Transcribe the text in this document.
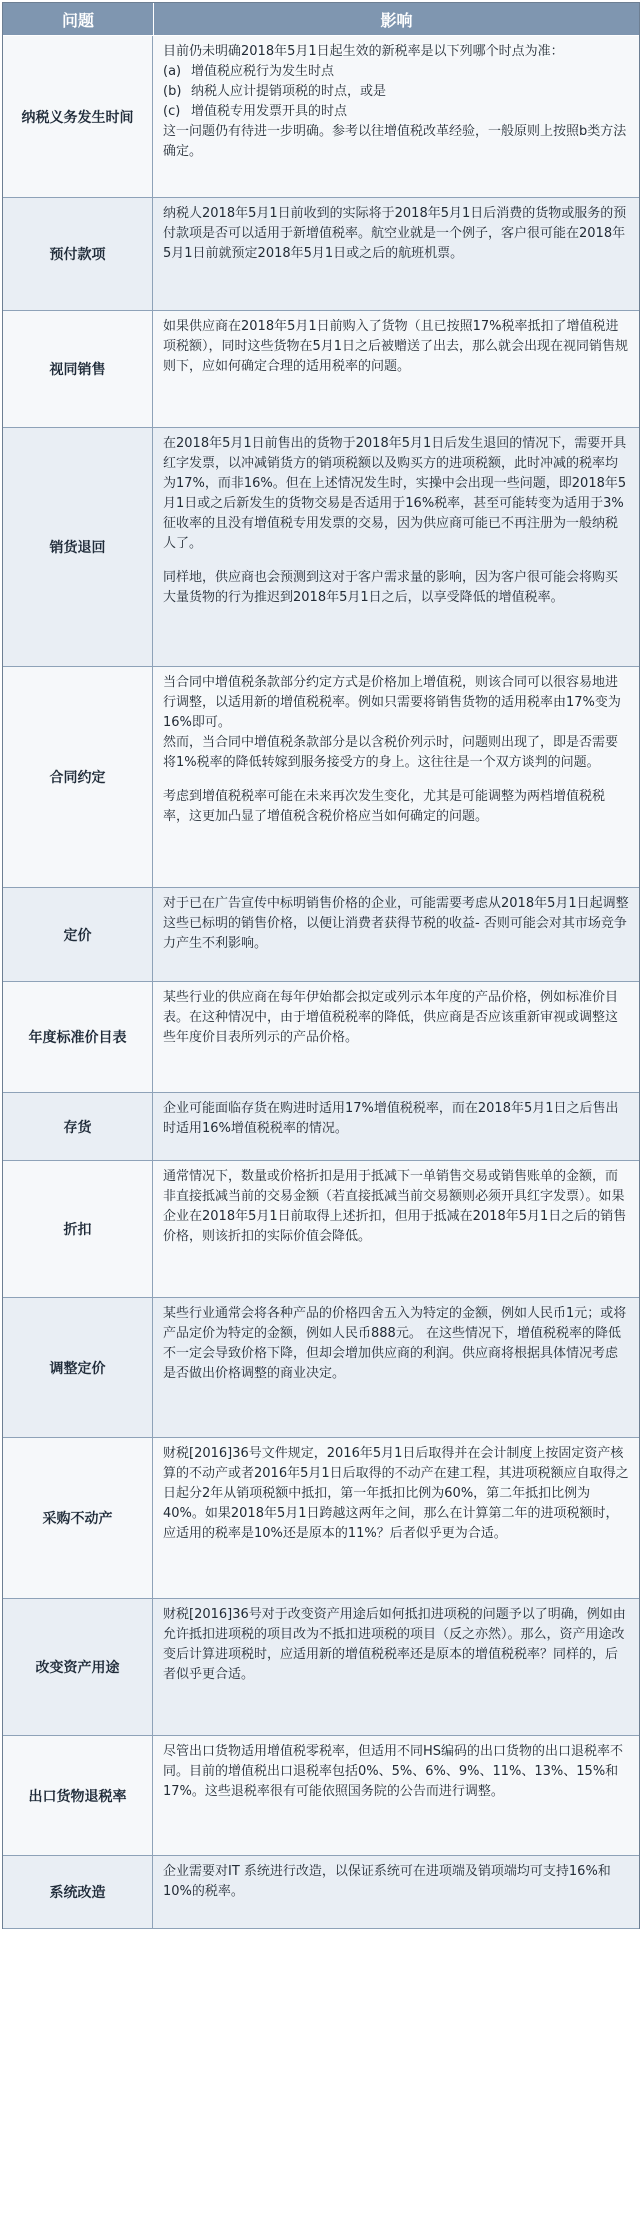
问题	影响
纳税义务发生时间

目前仍未明确2018年5月1日起生效的新税率是以下列哪个时点为准：

(a) 增值税应税行为发生时点
(b) 纳税人应计提销项税的时点，或是
(c) 增值税专用发票开具的时点

这一问题仍有待进一步明确。参考以往增值税改革经验，一般原则上按照b类方法确定。

预付款项

纳税人2018年5月1日前收到的实际将于2018年5月1日后消费的货物或服务的预付款项是否可以适用于新增值税率。航空业就是一个例子，客户很可能在2018年5月1日前就预定2018年5月1日或之后的航班机票。

视同销售

如果供应商在2018年5月1日前购入了货物（且已按照17%税率抵扣了增值税进项税额），同时这些货物在5月1日之后被赠送了出去，那么就会出现在视同销售规则下，应如何确定合理的适用税率的问题。

销货退回

在2018年5月1日前售出的货物于2018年5月1日后发生退回的情况下，需要开具红字发票，以冲减销货方的销项税额以及购买方的进项税额，此时冲减的税率均为17%，而非16%。但在上述情况发生时，实操中会出现一些问题，即2018年5月1日或之后新发生的货物交易是否适用于16%税率，甚至可能转变为适用于3%征收率的且没有增值税专用发票的交易，因为供应商可能已不再注册为一般纳税人了。

同样地，供应商也会预测到这对于客户需求量的影响，因为客户很可能会将购买大量货物的行为推迟到2018年5月1日之后，以享受降低的增值税率。

合同约定

当合同中增值税条款部分约定方式是价格加上增值税，则该合同可以很容易地进行调整，以适用新的增值税税率。例如只需要将销售货物的适用税率由17%变为16%即可。

然而，当合同中增值税条款部分是以含税价列示时，问题则出现了，即是否需要将1%税率的降低转嫁到服务接受方的身上。这往往是一个双方谈判的问题。

考虑到增值税税率可能在未来再次发生变化，尤其是可能调整为两档增值税税率，这更加凸显了增值税含税价格应当如何确定的问题。

定价

对于已在广告宣传中标明销售价格的企业，可能需要考虑从2018年5月1日起调整这些已标明的销售价格，以便让消费者获得节税的收益- 否则可能会对其市场竞争力产生不利影响。

年度标准价目表

某些行业的供应商在每年伊始都会拟定或列示本年度的产品价格，例如标准价目表。在这种情况中，由于增值税税率的降低，供应商是否应该重新审视或调整这些年度价目表所列示的产品价格。

存货

企业可能面临存货在购进时适用17%增值税税率，而在2018年5月1日之后售出时适用16%增值税税率的情况。

折扣

通常情况下，数量或价格折扣是用于抵减下一单销售交易或销售账单的金额，而非直接抵减当前的交易金额（若直接抵减当前交易额则必须开具红字发票）。如果企业在2018年5月1日前取得上述折扣，但用于抵减在2018年5月1日之后的销售价格，则该折扣的实际价值会降低。

调整定价

某些行业通常会将各种产品的价格四舍五入为特定的金额，例如人民币1元；或将产品定价为特定的金额，例如人民币888元。 在这些情况下，增值税税率的降低不一定会导致价格下降，但却会增加供应商的利润。供应商将根据具体情况考虑是否做出价格调整的商业决定。

采购不动产

财税[2016]36号文件规定，2016年5月1日后取得并在会计制度上按固定资产核算的不动产或者2016年5月1日后取得的不动产在建工程，其进项税额应自取得之日起分2年从销项税额中抵扣，第一年抵扣比例为60%，第二年抵扣比例为40%。如果2018年5月1日跨越这两年之间，那么在计算第二年的进项税额时，应适用的税率是10%还是原本的11%？后者似乎更为合适。

改变资产用途

财税[2016]36号对于改变资产用途后如何抵扣进项税的问题予以了明确，例如由允许抵扣进项税的项目改为不抵扣进项税的项目（反之亦然）。那么，资产用途改变后计算进项税时，应适用新的增值税税率还是原本的增值税税率？同样的，后者似乎更合适。

出口货物退税率

尽管出口货物适用增值税零税率，但适用不同HS编码的出口货物的出口退税率不同。目前的增值税出口退税率包括0%、5%、6%、9%、11%、13%、15%和17%。这些退税率很有可能依照国务院的公告而进行调整。

系统改造

企业需要对IT 系统进行改造，以保证系统可在进项端及销项端均可支持16%和10%的税率。
